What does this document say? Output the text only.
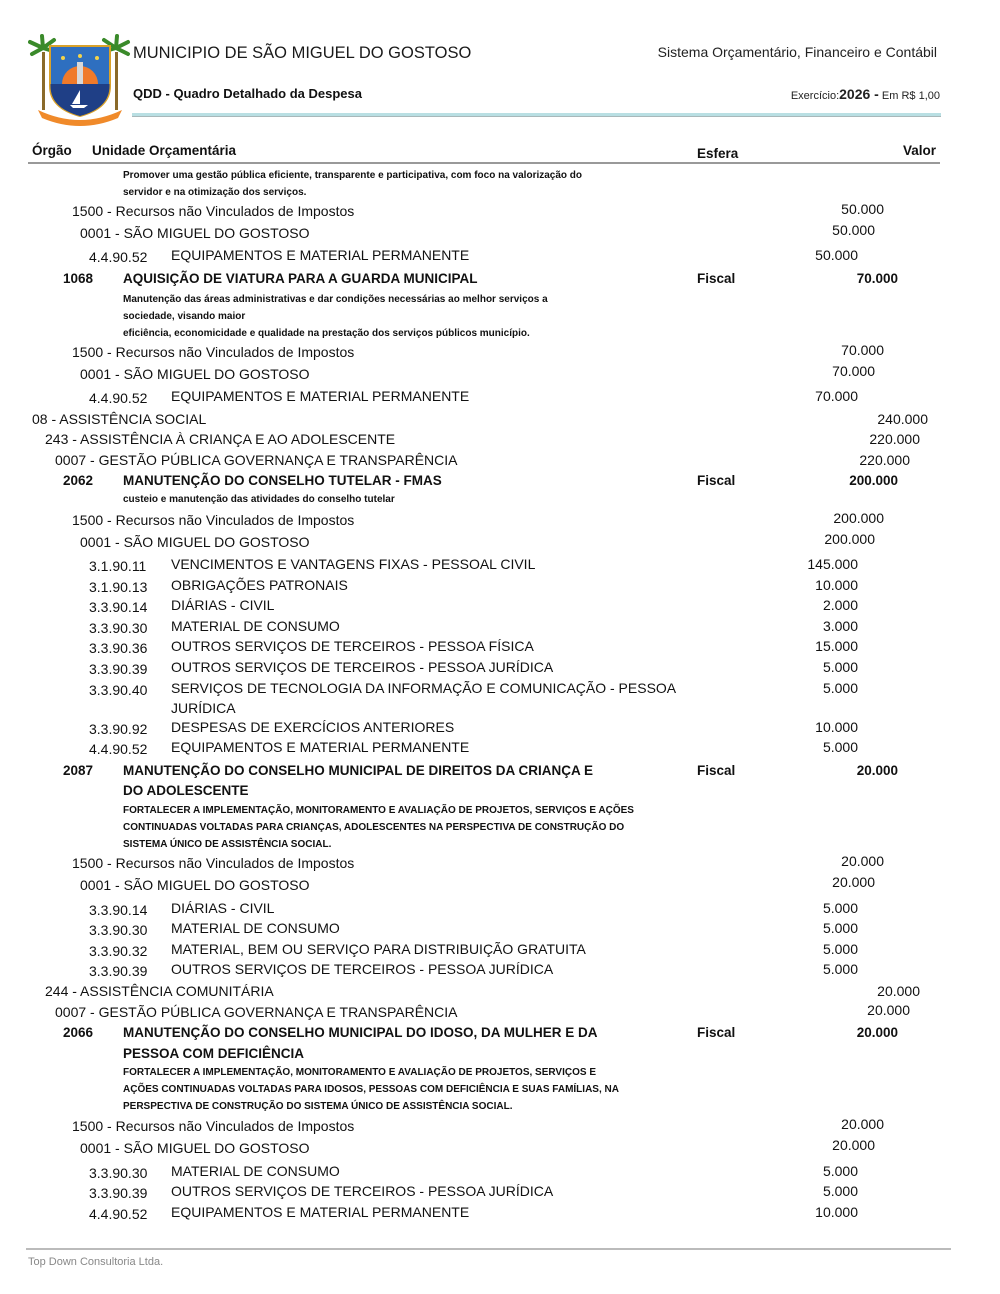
MUNICIPIO DE SÃO MIGUEL DO GOSTOSO	Sistema Orçamentário, Financeiro e Contábil
QDD - Quadro Detalhado da Despesa	Exercício:2026 - Em R$ 1,00
Órgão Unidade Orçamentária	Esfera	Valor
Promover uma gestão pública eficiente, transparente e participativa, com foco na valorização do
servidor e na otimização dos serviços.
1500 - Recursos não Vinculados de Impostos	50.000
0001 - SÃO MIGUEL DO GOSTOSO	50.000
4.4.90.52 EQUIPAMENTOS E MATERIAL PERMANENTE	50.000
1068 AQUISIÇÃO DE VIATURA PARA A GUARDA MUNICIPAL	Fiscal	70.000
Manutenção das áreas administrativas e dar condições necessárias ao melhor serviços a
sociedade, visando maior
eficiência, economicidade e qualidade na prestação dos serviços públicos município.
1500 - Recursos não Vinculados de Impostos	70.000
0001 - SÃO MIGUEL DO GOSTOSO	70.000
4.4.90.52 EQUIPAMENTOS E MATERIAL PERMANENTE	70.000
08 - ASSISTÊNCIA SOCIAL	240.000
243 - ASSISTÊNCIA À CRIANÇA E AO ADOLESCENTE	220.000
0007 - GESTÃO PÚBLICA GOVERNANÇA E TRANSPARÊNCIA	220.000
2062 MANUTENÇÃO DO CONSELHO TUTELAR - FMAS	Fiscal	200.000
custeio e manutenção das atividades do conselho tutelar
1500 - Recursos não Vinculados de Impostos	200.000
0001 - SÃO MIGUEL DO GOSTOSO	200.000
3.1.90.11 VENCIMENTOS E VANTAGENS FIXAS - PESSOAL CIVIL	145.000
3.1.90.13 OBRIGAÇÕES PATRONAIS	10.000
3.3.90.14 DIÁRIAS - CIVIL	2.000
3.3.90.30 MATERIAL DE CONSUMO	3.000
3.3.90.36 OUTROS SERVIÇOS DE TERCEIROS - PESSOA FÍSICA	15.000
3.3.90.39 OUTROS SERVIÇOS DE TERCEIROS - PESSOA JURÍDICA	5.000
3.3.90.40 SERVIÇOS DE TECNOLOGIA DA INFORMAÇÃO E COMUNICAÇÃO - PESSOA	5.000
JURÍDICA
3.3.90.92 DESPESAS DE EXERCÍCIOS ANTERIORES	10.000
4.4.90.52 EQUIPAMENTOS E MATERIAL PERMANENTE	5.000
2087 MANUTENÇÃO DO CONSELHO MUNICIPAL DE DIREITOS DA CRIANÇA E	Fiscal	20.000
DO ADOLESCENTE
FORTALECER A IMPLEMENTAÇÃO, MONITORAMENTO E AVALIAÇÃO DE PROJETOS, SERVIÇOS E AÇÕES
CONTINUADAS VOLTADAS PARA CRIANÇAS, ADOLESCENTES NA PERSPECTIVA DE CONSTRUÇÃO DO
SISTEMA ÚNICO DE ASSISTÊNCIA SOCIAL.
1500 - Recursos não Vinculados de Impostos	20.000
0001 - SÃO MIGUEL DO GOSTOSO	20.000
3.3.90.14 DIÁRIAS - CIVIL	5.000
3.3.90.30 MATERIAL DE CONSUMO	5.000
3.3.90.32 MATERIAL, BEM OU SERVIÇO PARA DISTRIBUIÇÃO GRATUITA	5.000
3.3.90.39 OUTROS SERVIÇOS DE TERCEIROS - PESSOA JURÍDICA	5.000
244 - ASSISTÊNCIA COMUNITÁRIA	20.000
0007 - GESTÃO PÚBLICA GOVERNANÇA E TRANSPARÊNCIA	20.000
2066 MANUTENÇÃO DO CONSELHO MUNICIPAL DO IDOSO, DA MULHER E DA	Fiscal	20.000
PESSOA COM DEFICIÊNCIA
FORTALECER A IMPLEMENTAÇÃO, MONITORAMENTO E AVALIAÇÃO DE PROJETOS, SERVIÇOS E
AÇÕES CONTINUADAS VOLTADAS PARA IDOSOS, PESSOAS COM DEFICIÊNCIA E SUAS FAMÍLIAS, NA
PERSPECTIVA DE CONSTRUÇÃO DO SISTEMA ÚNICO DE ASSISTÊNCIA SOCIAL.
1500 - Recursos não Vinculados de Impostos	20.000
0001 - SÃO MIGUEL DO GOSTOSO	20.000
3.3.90.30 MATERIAL DE CONSUMO	5.000
3.3.90.39 OUTROS SERVIÇOS DE TERCEIROS - PESSOA JURÍDICA	5.000
4.4.90.52 EQUIPAMENTOS E MATERIAL PERMANENTE	10.000
Top Down Consultoria Ltda.
